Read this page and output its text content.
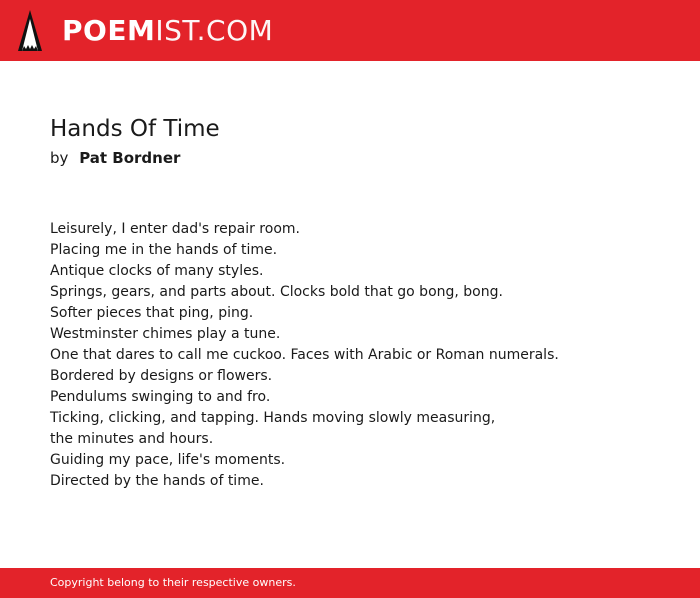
POEMIST.COM
Hands Of Time
by Pat Bordner
Leisurely, I enter dad's repair room.
Placing me in the hands of time.
Antique clocks of many styles.
Springs, gears, and parts about. Clocks bold that go bong, bong.
Softer pieces that ping, ping.
Westminster chimes play a tune.
One that dares to call me cuckoo. Faces with Arabic or Roman numerals.
Bordered by designs or flowers.
Pendulums swinging to and fro.
Ticking, clicking, and tapping. Hands moving slowly measuring,
the minutes and hours.
Guiding my pace, life's moments.
Directed by the hands of time.
Copyright belong to their respective owners.
